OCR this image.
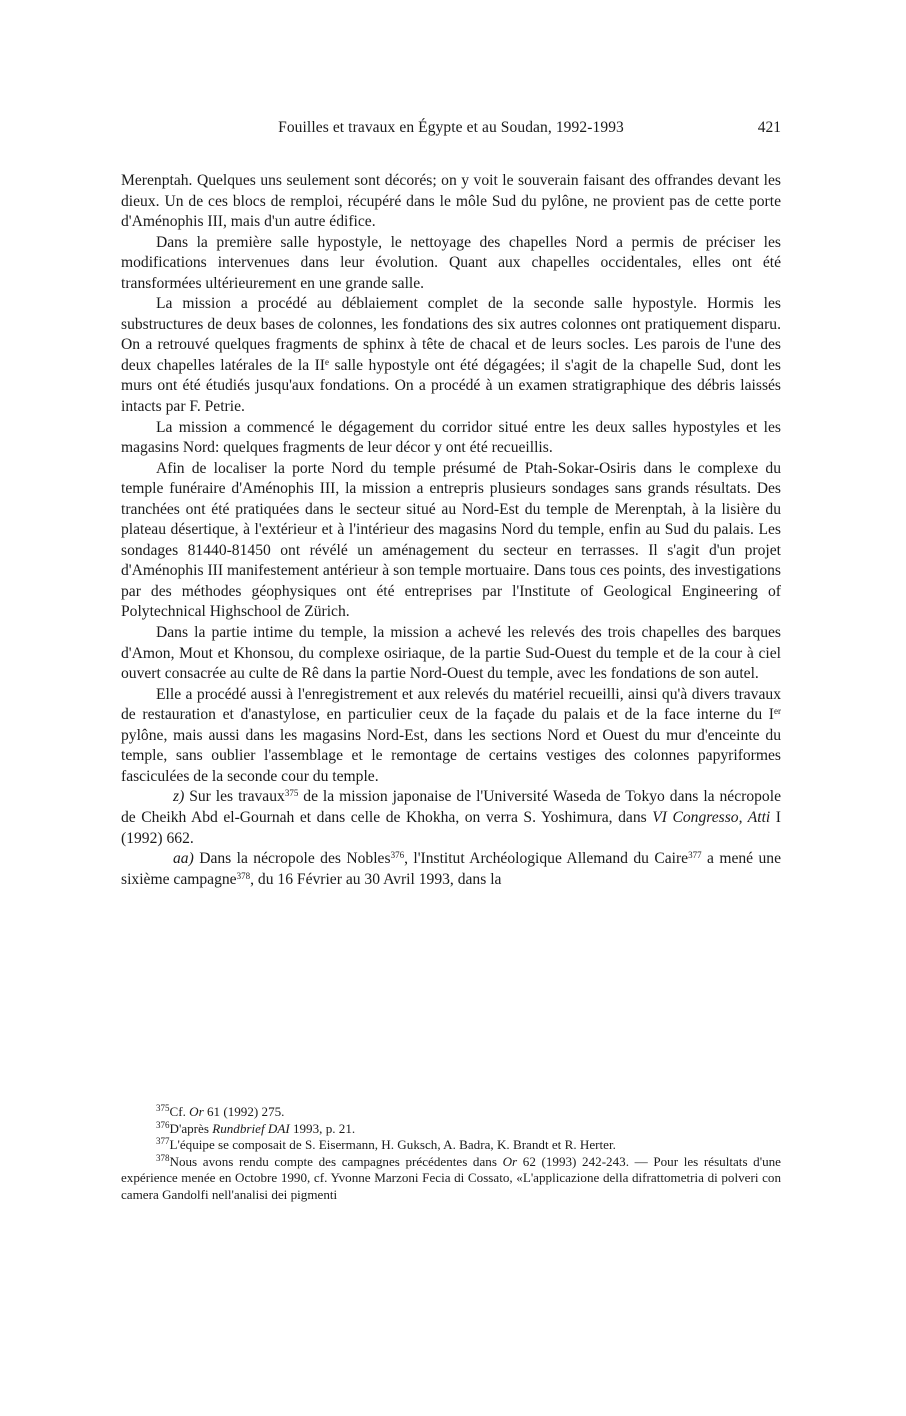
Fouilles et travaux en Égypte et au Soudan, 1992-1993	421

Merenptah. Quelques uns seulement sont décorés; on y voit le souverain faisant des offrandes devant les dieux. Un de ces blocs de remploi, récupéré dans le môle Sud du pylône, ne provient pas de cette porte d'Aménophis III, mais d'un autre édifice.

Dans la première salle hypostyle, le nettoyage des chapelles Nord a permis de préciser les modifications intervenues dans leur évolution. Quant aux chapelles occidentales, elles ont été transformées ultérieurement en une grande salle.

La mission a procédé au déblaiement complet de la seconde salle hypostyle. Hormis les substructures de deux bases de colonnes, les fondations des six autres colonnes ont pratiquement disparu. On a retrouvé quelques fragments de sphinx à tête de chacal et de leurs socles. Les parois de l'une des deux chapelles latérales de la IIe salle hypostyle ont été dégagées; il s'agit de la chapelle Sud, dont les murs ont été étudiés jusqu'aux fondations. On a procédé à un examen stratigraphique des débris laissés intacts par F. Petrie.

La mission a commencé le dégagement du corridor situé entre les deux salles hypostyles et les magasins Nord: quelques fragments de leur décor y ont été recueillis.

Afin de localiser la porte Nord du temple présumé de Ptah-Sokar-Osiris dans le complexe du temple funéraire d'Aménophis III, la mission a entrepris plusieurs sondages sans grands résultats. Des tranchées ont été pratiquées dans le secteur situé au Nord-Est du temple de Merenptah, à la lisière du plateau désertique, à l'extérieur et à l'intérieur des magasins Nord du temple, enfin au Sud du palais. Les sondages 81440-81450 ont révélé un aménagement du secteur en terrasses. Il s'agit d'un projet d'Aménophis III manifestement antérieur à son temple mortuaire. Dans tous ces points, des investigations par des méthodes géophysiques ont été entreprises par l'Institute of Geological Engineering of Polytechnical Highschool de Zürich.

Dans la partie intime du temple, la mission a achevé les relevés des trois chapelles des barques d'Amon, Mout et Khonsou, du complexe osiriaque, de la partie Sud-Ouest du temple et de la cour à ciel ouvert consacrée au culte de Rê dans la partie Nord-Ouest du temple, avec les fondations de son autel.

Elle a procédé aussi à l'enregistrement et aux relevés du matériel recueilli, ainsi qu'à divers travaux de restauration et d'anastylose, en particulier ceux de la façade du palais et de la face interne du Ier pylône, mais aussi dans les magasins Nord-Est, dans les sections Nord et Ouest du mur d'enceinte du temple, sans oublier l'assemblage et le remontage de certains vestiges des colonnes papyriformes fasciculées de la seconde cour du temple.

z) Sur les travaux$^{375}$ de la mission japonaise de l'Université Waseda de Tokyo dans la nécropole de Cheikh Abd el-Gournah et dans celle de Khokha, on verra S. Yoshimura, dans VI Congresso, Atti I (1992) 662.

aa) Dans la nécropole des Nobles$^{376}$, l'Institut Archéologique Allemand du Caire$^{377}$ a mené une sixième campagne$^{378}$, du 16 Février au 30 Avril 1993, dans la

$^{375}$Cf. Or 61 (1992) 275.

$^{376}$D'après Rundbrief DAI 1993, p. 21.

$^{377}$L'équipe se composait de S. Eisermann, H. Guksch, A. Badra, K. Brandt et R. Herter.

$^{378}$Nous avons rendu compte des campagnes précédentes dans Or 62 (1993) 242-243. — Pour les résultats d'une expérience menée en Octobre 1990, cf. Yvonne Marzoni Fecia di Cossato, «L'applicazione della difrattometria di polveri con camera Gandolfi nell'analisi dei pigmenti
